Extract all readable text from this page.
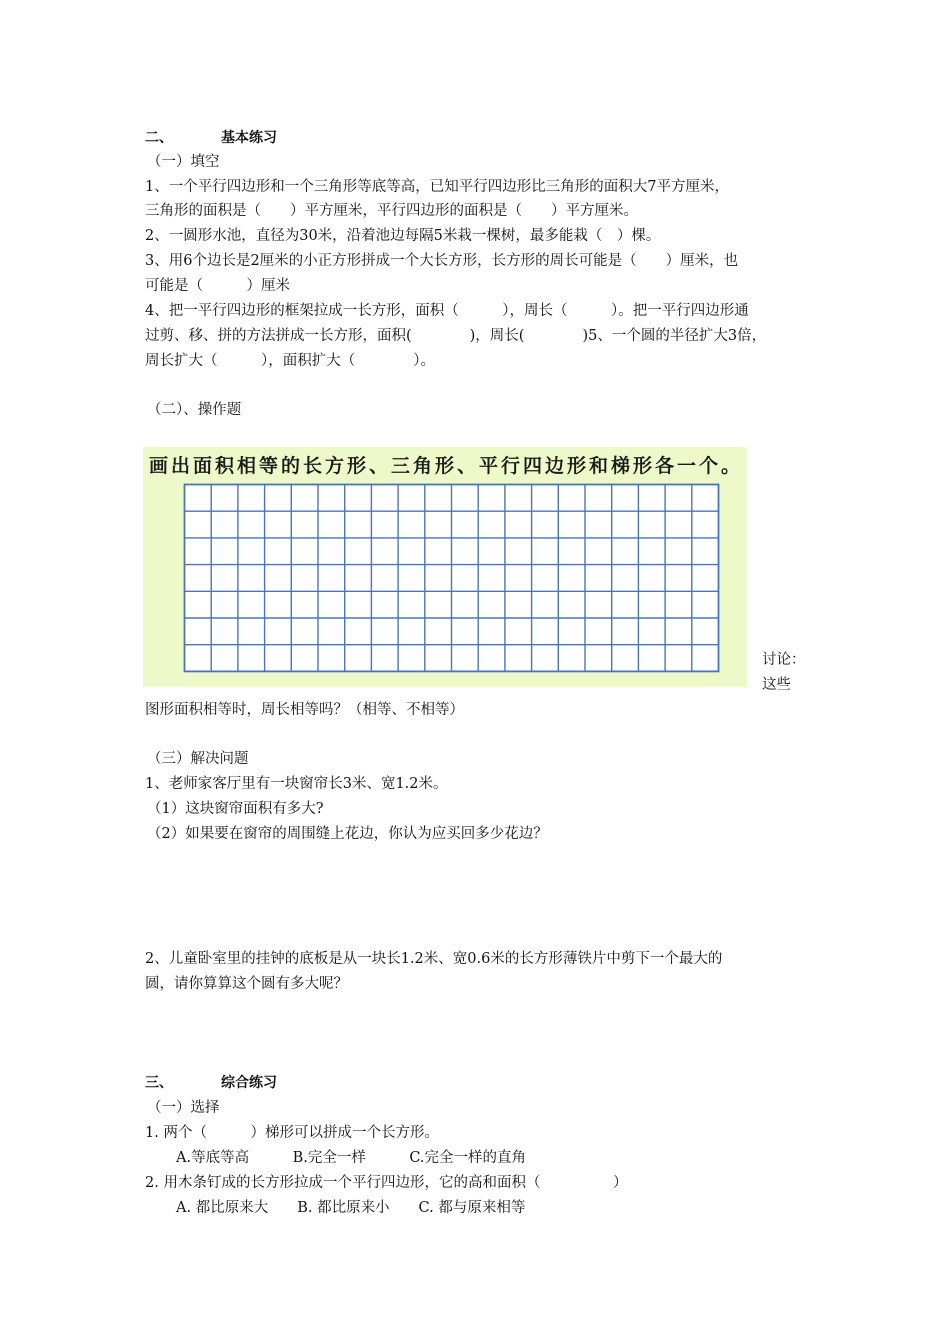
二、	基本练习
（一）填空
1、一个平行四边形和一个三角形等底等高，已知平行四边形比三角形的面积大7平方厘米，
三角形的面积是（　　）平方厘米，平行四边形的面积是（　　）平方厘米。
2、一圆形水池，直径为30米，沿着池边每隔5米栽一棵树，最多能栽（　）棵。
3、用6个边长是2厘米的小正方形拼成一个大长方形，长方形的周长可能是（　　）厘米，也
可能是（　　　）厘米
4、把一平行四边形的框架拉成一长方形，面积（　　　），周长（　　　）。把一平行四边形通
过剪、移、拼的方法拼成一长方形，面积(　　　　)，周长(　　　　)5、一个圆的半径扩大3倍，
周长扩大（　　　），面积扩大（　　　　）。
（二）、操作题
画出面积相等的长方形、三角形、平行四边形和梯形各一个。
讨论：
这些
图形面积相等时，周长相等吗？（相等、不相等）
（三）解决问题
1、老师家客厅里有一块窗帘长3米、宽1.2米。
（1）这块窗帘面积有多大?
（2）如果要在窗帘的周围缝上花边，你认为应买回多少花边？
2、儿童卧室里的挂钟的底板是从一块长1.2米、宽0.6米的长方形薄铁片中剪下一个最大的
圆，请你算算这个圆有多大呢？
三、	综合练习
（一）选择
1. 两个（　　　）梯形可以拼成一个长方形。
A.等底等高　　　B.完全一样　　　C.完全一样的直角
2. 用木条钉成的长方形拉成一个平行四边形，它的高和面积（　　　　　）
A. 都比原来大　　B. 都比原来小　　C. 都与原来相等
